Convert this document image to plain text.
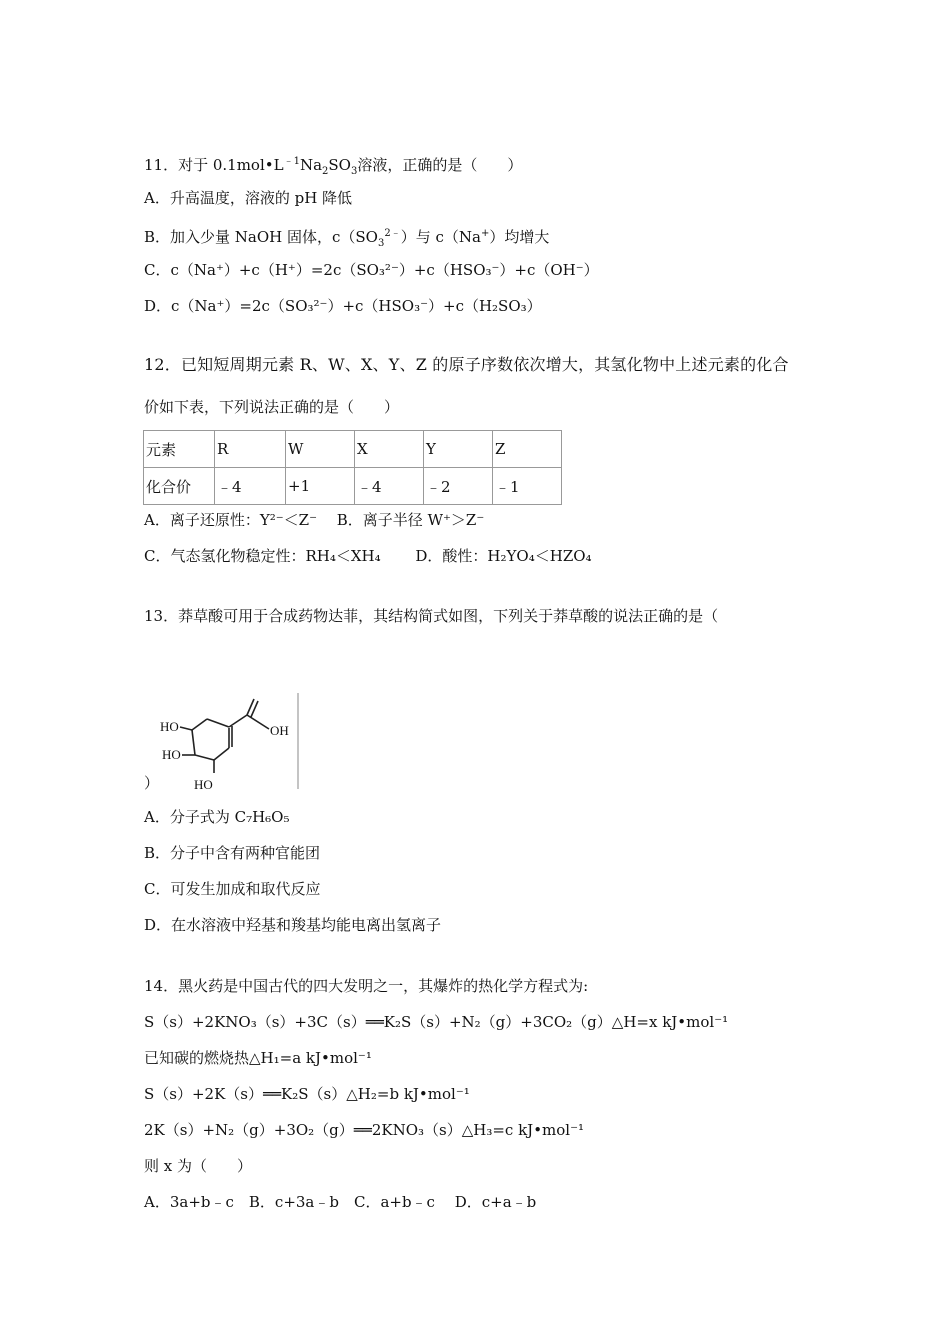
11．对于 $0.1mol•L^{﹣1}Na_2SO_3$溶液，正确的是（　　）
A．升高温度，溶液的 pH 降低
B．加入少量 NaOH 固体，$c(SO_3^{2﹣})$与 c（Na+）均增大
C．c（Na⁺）+c（H⁺）=2c（SO₃²⁻）+c（HSO₃⁻）+c（OH⁻）
D．c（Na⁺）=2c（SO₃²⁻）+c（HSO₃⁻）+c（H₂SO₃）
12．已知短周期元素 R、W、X、Y、Z 的原子序数依次增大，其氢化物中上述元素的化合
价如下表，下列说法正确的是（　　）
元素	R	W	X	Y	Z
化合价	﹣4	+1	﹣4	﹣2	﹣1
A．离子还原性：Y²⁻＜Z⁻　 B．离子半径 W⁺＞Z⁻
C．气态氢化物稳定性：RH₄＜XH₄　　 D．酸性：H₂YO₄＜HZO₄
13．莽草酸可用于合成药物达菲，其结构简式如图，下列关于莽草酸的说法正确的是（
HO
HO
HO
OH
）
A．分子式为 C₇H₆O₅
B．分子中含有两种官能团
C．可发生加成和取代反应
D．在水溶液中羟基和羧基均能电离出氢离子
14．黑火药是中国古代的四大发明之一，其爆炸的热化学方程式为:
S（s）+2KNO₃（s）+3C（s）══K₂S（s）+N₂（g）+3CO₂（g）△H=x kJ•mol⁻¹
已知碳的燃烧热△H₁=a kJ•mol⁻¹
S（s）+2K（s）══K₂S（s）△H₂=b kJ•mol⁻¹
2K（s）+N₂（g）+3O₂（g）══2KNO₃（s）△H₃=c kJ•mol⁻¹
则 x 为（　　）
A．3a+b﹣c　B．c+3a﹣b　C．a+b﹣c　 D．c+a﹣b
